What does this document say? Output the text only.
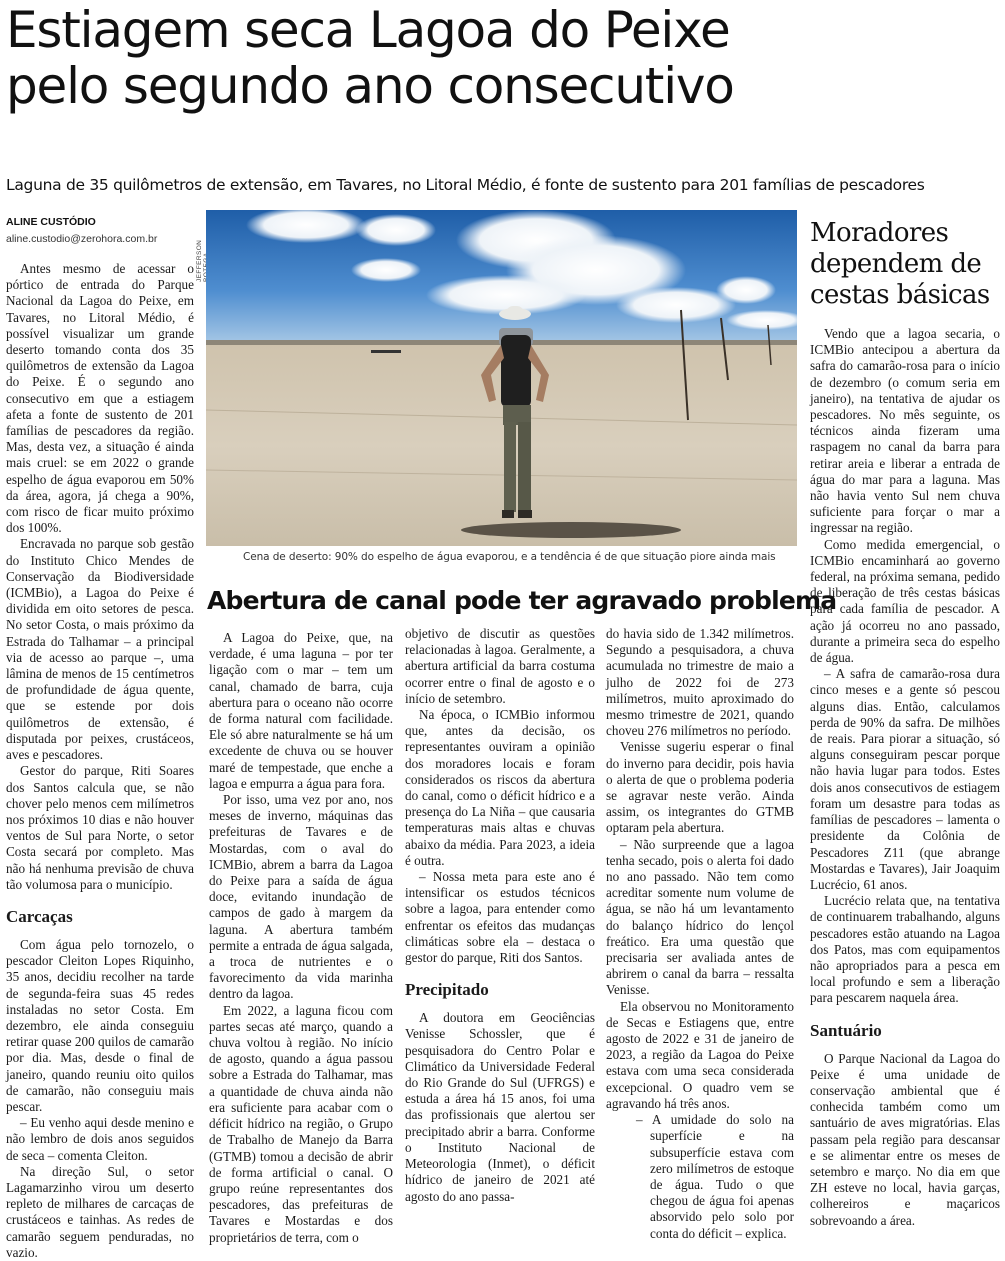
Estiagem seca Lagoa do Peixe
pelo segundo ano consecutivo

Laguna de 35 quilômetros de extensão, em Tavares, no Litoral Médio, é fonte de sustento para 201 famílias de pescadores

ALINE CUSTÓDIO
aline.custodio@zerohora.com.br

Antes mesmo de acessar o pórtico de entrada do Parque Nacional da Lagoa do Peixe, em Tavares, no Litoral Médio, é possível visualizar um grande deserto tomando conta dos 35 quilômetros de extensão da Lagoa do Peixe. É o segundo ano consecutivo em que a estiagem afeta a fonte de sustento de 201 famílias de pescadores da região. Mas, desta vez, a situação é ainda mais cruel: se em 2022 o grande espelho de água evaporou em 50% da área, agora, já chega a 90%, com risco de ficar muito próximo dos 100%.

Encravada no parque sob gestão do Instituto Chico Mendes de Conservação da Biodiversidade (ICMBio), a Lagoa do Peixe é dividida em oito setores de pesca. No setor Costa, o mais próximo da Estrada do Talhamar – a principal via de acesso ao parque –, uma lâmina de menos de 15 centímetros de profundidade de água quente, que se estende por dois quilômetros de extensão, é disputada por peixes, crustáceos, aves e pescadores.

Gestor do parque, Riti Soares dos Santos calcula que, se não chover pelo menos cem milímetros nos próximos 10 dias e não houver ventos de Sul para Norte, o setor Costa secará por completo. Mas não há nenhuma previsão de chuva tão volumosa para o município.

Carcaças

Com água pelo tornozelo, o pescador Cleiton Lopes Riquinho, 35 anos, decidiu recolher na tarde de segunda-feira suas 45 redes instaladas no setor Costa. Em dezembro, ele ainda conseguiu retirar quase 200 quilos de camarão por dia. Mas, desde o final de janeiro, quando reuniu oito quilos de camarão, não conseguiu mais pescar.

– Eu venho aqui desde menino e não lembro de dois anos seguidos de seca – comenta Cleiton.

Na direção Sul, o setor Lagamarzinho virou um deserto repleto de milhares de carcaças de crustáceos e tainhas. As redes de camarão seguem penduradas, no vazio.

JEFFERSON
Cena de deserto: 90% do espelho de água evaporou, e a tendência é de que situação piore ainda mais
Abertura de canal pode ter agravado problema

A Lagoa do Peixe, que, na verdade, é uma laguna – por ter ligação com o mar – tem um canal, chamado de barra, cuja abertura para o oceano não ocorre de forma natural com facilidade. Ele só abre naturalmente se há um excedente de chuva ou se houver maré de tempestade, que enche a lagoa e empurra a água para fora.

Por isso, uma vez por ano, nos meses de inverno, máquinas das prefeituras de Tavares e de Mostardas, com o aval do ICMBio, abrem a barra da Lagoa do Peixe para a saída de água doce, evitando inundação de campos de gado à margem da laguna. A abertura também permite a entrada de água salgada, a troca de nutrientes e o favorecimento da vida marinha dentro da lagoa.

Em 2022, a laguna ficou com partes secas até março, quando a chuva voltou à região. No início de agosto, quando a água passou sobre a Estrada do Talhamar, mas a quantidade de chuva ainda não era suficiente para acabar com o déficit hídrico na região, o Grupo de Trabalho de Manejo da Barra (GTMB) tomou a decisão de abrir de forma artificial o canal. O grupo reúne representantes dos pescadores, das prefeituras de Tavares e Mostardas e dos proprietários de terra, com o

objetivo de discutir as questões relacionadas à lagoa. Geralmente, a abertura artificial da barra costuma ocorrer entre o final de agosto e o início de setembro.

Na época, o ICMBio informou que, antes da decisão, os representantes ouviram a opinião dos moradores locais e foram considerados os riscos da abertura do canal, como o déficit hídrico e a presença do La Niña – que causaria temperaturas mais altas e chuvas abaixo da média. Para 2023, a ideia é outra.

– Nossa meta para este ano é intensificar os estudos técnicos sobre a lagoa, para entender como enfrentar os efeitos das mudanças climáticas sobre ela – destaca o gestor do parque, Riti dos Santos.

Precipitado

A doutora em Geociências Venisse Schossler, que é pesquisadora do Centro Polar e Climático da Universidade Federal do Rio Grande do Sul (UFRGS) e estuda a área há 15 anos, foi uma das profissionais que alertou ser precipitado abrir a barra. Conforme o Instituto Nacional de Meteorologia (Inmet), o déficit hídrico de janeiro de 2021 até agosto do ano passa-

do havia sido de 1.342 milímetros. Segundo a pesquisadora, a chuva acumulada no trimestre de maio a julho de 2022 foi de 273 milímetros, muito aproximado do mesmo trimestre de 2021, quando choveu 276 milímetros no período.

Venisse sugeriu esperar o final do inverno para decidir, pois havia o alerta de que o problema poderia se agravar neste verão. Ainda assim, os integrantes do GTMB optaram pela abertura.

– Não surpreende que a lagoa tenha secado, pois o alerta foi dado no ano passado. Não tem como acreditar somente num volume de água, se não há um levantamento do balanço hídrico do lençol freático. Era uma questão que precisaria ser avaliada antes de abrirem o canal da barra – ressalta Venisse.

Ela observou no Monitoramento de Secas e Estiagens que, entre agosto de 2022 e 31 de janeiro de 2023, a região da Lagoa do Peixe estava com uma seca considerada excepcional. O quadro vem se agravando há três anos.

– A umidade do solo na superfície e na subsuperfície estava com zero milímetros de estoque de água. Tudo o que chegou de água foi apenas absorvido pelo solo por conta do déficit – explica.

Moradores dependem de cestas básicas

Vendo que a lagoa secaria, o ICMBio antecipou a abertura da safra do camarão-rosa para o início de dezembro (o comum seria em janeiro), na tentativa de ajudar os pescadores. No mês seguinte, os técnicos ainda fizeram uma raspagem no canal da barra para retirar areia e liberar a entrada de água do mar para a laguna. Mas não havia vento Sul nem chuva suficiente para forçar o mar a ingressar na região.

Como medida emergencial, o ICMBio encaminhará ao governo federal, na próxima semana, pedido de liberação de três cestas básicas para cada família de pescador. A ação já ocorreu no ano passado, durante a primeira seca do espelho de água.

– A safra de camarão-rosa dura cinco meses e a gente só pescou alguns dias. Então, calculamos perda de 90% da safra. De milhões de reais. Para piorar a situação, só alguns conseguiram pescar porque não havia lugar para todos. Estes dois anos consecutivos de estiagem foram um desastre para todas as famílias de pescadores – lamenta o presidente da Colônia de Pescadores Z11 (que abrange Mostardas e Tavares), Jair Joaquim Lucrécio, 61 anos.

Lucrécio relata que, na tentativa de continuarem trabalhando, alguns pescadores estão atuando na Lagoa dos Patos, mas com equipamentos não apropriados para a pesca em local profundo e sem a liberação para pescarem naquela área.

Santuário

O Parque Nacional da Lagoa do Peixe é uma unidade de conservação ambiental que é conhecida também como um santuário de aves migratórias. Elas passam pela região para descansar e se alimentar entre os meses de setembro e março. No dia em que ZH esteve no local, havia garças, colhereiros e maçaricos sobrevoando a área.
